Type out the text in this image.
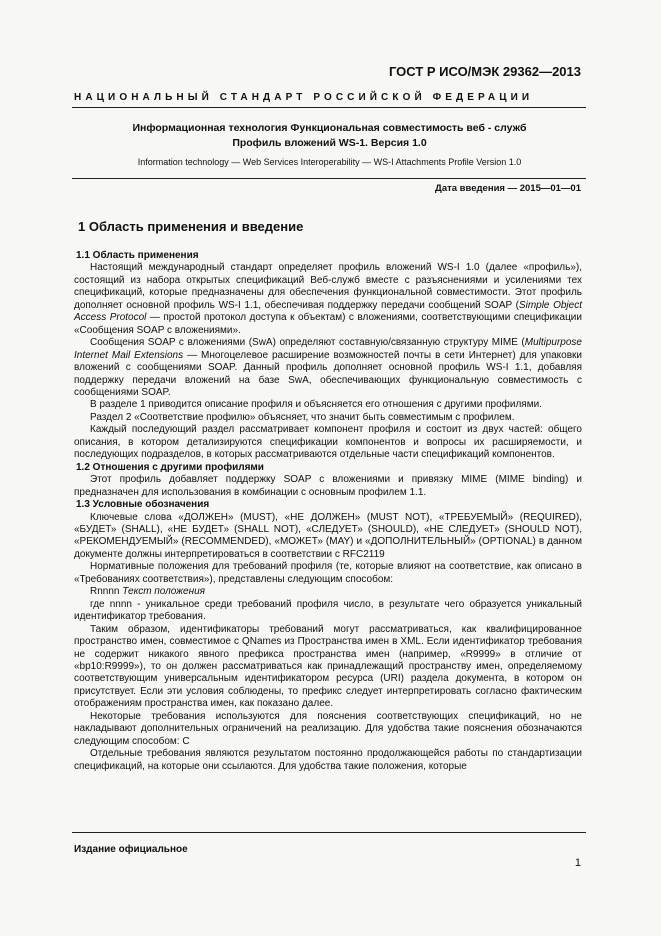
ГОСТ Р ИСО/МЭК 29362—2013
НАЦИОНАЛЬНЫЙ СТАНДАРТ РОССИЙСКОЙ ФЕДЕРАЦИИ
Информационная технология Функциональная совместимость веб - служб
Профиль вложений WS-1. Версия 1.0
Information technology — Web Services Interoperability — WS-I Attachments Profile Version 1.0
Дата введения — 2015—01—01
1 Область применения и введение

1.1 Область применения

Настоящий международный стандарт определяет профиль вложений WS-I 1.0 (далее «профиль»), состоящий из набора открытых спецификаций Веб-служб вместе с разъяснениями и усилениями тех спецификаций, которые предназначены для обеспечения функциональной совместимости. Этот профиль дополняет основной профиль WS-I 1.1, обеспечивая поддержку передачи сообщений SOAP (Simple Object Access Protocol — простой протокол доступа к объектам) с вложениями, соответствующими спецификации «Сообщения SOAP с вложениями».

Сообщения SOAP с вложениями (SwA) определяют составную/связанную структуру MIME (Multipurpose Internet Mail Extensions — Многоцелевое расширение возможностей почты в сети Интернет) для упаковки вложений с сообщениями SOAP. Данный профиль дополняет основной профиль WS-I 1.1, добавляя поддержку передачи вложений на базе SwA, обеспечивающих функциональную совместимость с сообщениями SOAP.

В разделе 1 приводится описание профиля и объясняется его отношения с другими профилями.

Раздел 2 «Соответствие профилю» объясняет, что значит быть совместимым с профилем.

Каждый последующий раздел рассматривает компонент профиля и состоит из двух частей: общего описания, в котором детализируются спецификации компонентов и вопросы их расширяемости, и последующих подразделов, в которых рассматриваются отдельные части спецификаций компонентов.

1.2 Отношения с другими профилями

Этот профиль добавляет поддержку SOAP с вложениями и привязку MIME (MIME binding) и предназначен для использования в комбинации с основным профилем 1.1.

1.3 Условные обозначения

Ключевые слова «ДОЛЖЕН» (MUST), «НЕ ДОЛЖЕН» (MUST NOT), «ТРЕБУЕМЫЙ» (REQUIRED), «БУДЕТ» (SHALL), «НЕ БУДЕТ» (SHALL NOT), «СЛЕДУЕТ» (SHOULD), «НЕ СЛЕДУЕТ» (SHOULD NOT), «РЕКОМЕНДУЕМЫЙ» (RECOMMENDED), «МОЖЕТ» (MAY) и «ДОПОЛНИТЕЛЬНЫЙ» (OPTIONAL) в данном документе должны интерпретироваться в соответствии с RFC2119

Нормативные положения для требований профиля (те, которые влияют на соответствие, как описано в «Требованиях соответствия»), представлены следующим способом:

Rnnnn Текст положения

где nnnn - уникальное среди требований профиля число, в результате чего образуется уникальный идентификатор требования.

Таким образом, идентификаторы требований могут рассматриваться, как квалифицированное пространство имен, совместимое с QNames из Пространства имен в XML. Если идентификатор требования не содержит никакого явного префикса пространства имен (например, «R9999» в отличие от «bp10:R9999»), то он должен рассматриваться как принадлежащий пространству имен, определяемому соответствующим универсальным идентификатором ресурса (URI) раздела документа, в котором он присутствует. Если эти условия соблюдены, то префикс следует интерпретировать согласно фактическим отображениям пространства имен, как показано далее.

Некоторые требования используются для пояснения соответствующих спецификаций, но не накладывают дополнительных ограничений на реализацию. Для удобства такие пояснения обозначаются следующим способом: C

Отдельные требования являются результатом постоянно продолжающейся работы по стандартизации спецификаций, на которые они ссылаются. Для удобства такие положения, которые

Издание официальное
1
